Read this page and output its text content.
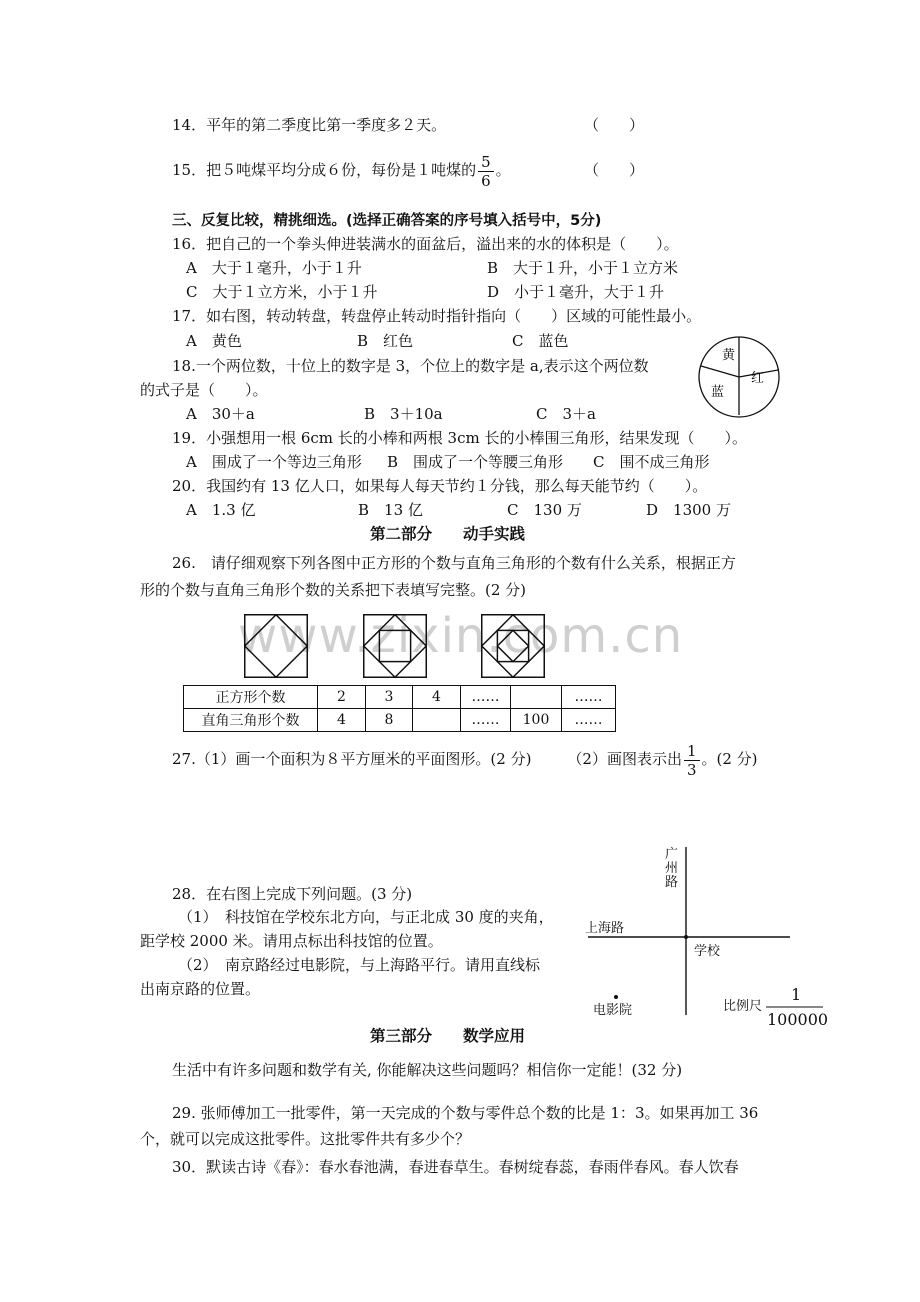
14．平年的第二季度比第一季度多２天。	（　　）
15．把５吨煤平均分成６份，每份是１吨煤的 $\frac{5}{6}$ 。	（　　）
三、反复比较，精挑细选。(选择正确答案的序号填入括号中，5分)
16．把自己的一个拳头伸进装满水的面盆后，溢出来的水的体积是（　　）。
A　大于１毫升，小于１升	B　大于１升，小于１立方米
C　大于１立方米，小于１升	D　小于１毫升，大于１升
17．如右图，转动转盘，转盘停止转动时指针指向（　　）区域的可能性最小。
A　黄色	B　红色	C　蓝色
黄
红
蓝
18.一个两位数，十位上的数字是 3，个位上的数字是 a,表示这个两位数
的式子是（　　）。
A　30＋a	B　3＋10a	C　3＋a
19．小强想用一根 6cm 长的小棒和两根 3cm 长的小棒围三角形，结果发现（　　）。
A　围成了一个等边三角形 B　围成了一个等腰三角形 C　围不成三角形
20．我国约有 13 亿人口，如果每人每天节约１分钱，那么每天能节约（　　）。
A　1.3 亿	B　13 亿	C　130 万	D　1300 万
第二部分　　动手实践
26.　请仔细观察下列各图中正方形的个数与直角三角形的个数有什么关系，根据正方
形的个数与直角三角形个数的关系把下表填写完整。(2 分)
www.zixin.com.cn
正方形个数	2	3	4	……		……
直角三角形个数	4	8		……	100	……
27.（1）画一个面积为８平方厘米的平面图形。(2 分) （2）画图表示出 $\frac{1}{3}$ 。(2 分)
28．在右图上完成下列问题。(3 分)
（1）　科技馆在学校东北方向，与正北成 30 度的夹角，
距学校 2000 米。请用点标出科技馆的位置。
（2）　南京路经过电影院，与上海路平行。请用直线标
出南京路的位置。
广
州
路
上海路
学校
电影院	比例尺
1
100000
第三部分　　数学应用
生活中有许多问题和数学有关, 你能解决这些问题吗？相信你一定能！(32 分)
29. 张师傅加工一批零件，第一天完成的个数与零件总个数的比是 1：3。如果再加工 36
个，就可以完成这批零件。这批零件共有多少个？
30．默读古诗《春》：春水春池满，春进春草生。春树绽春蕊，春雨伴春风。春人饮春
